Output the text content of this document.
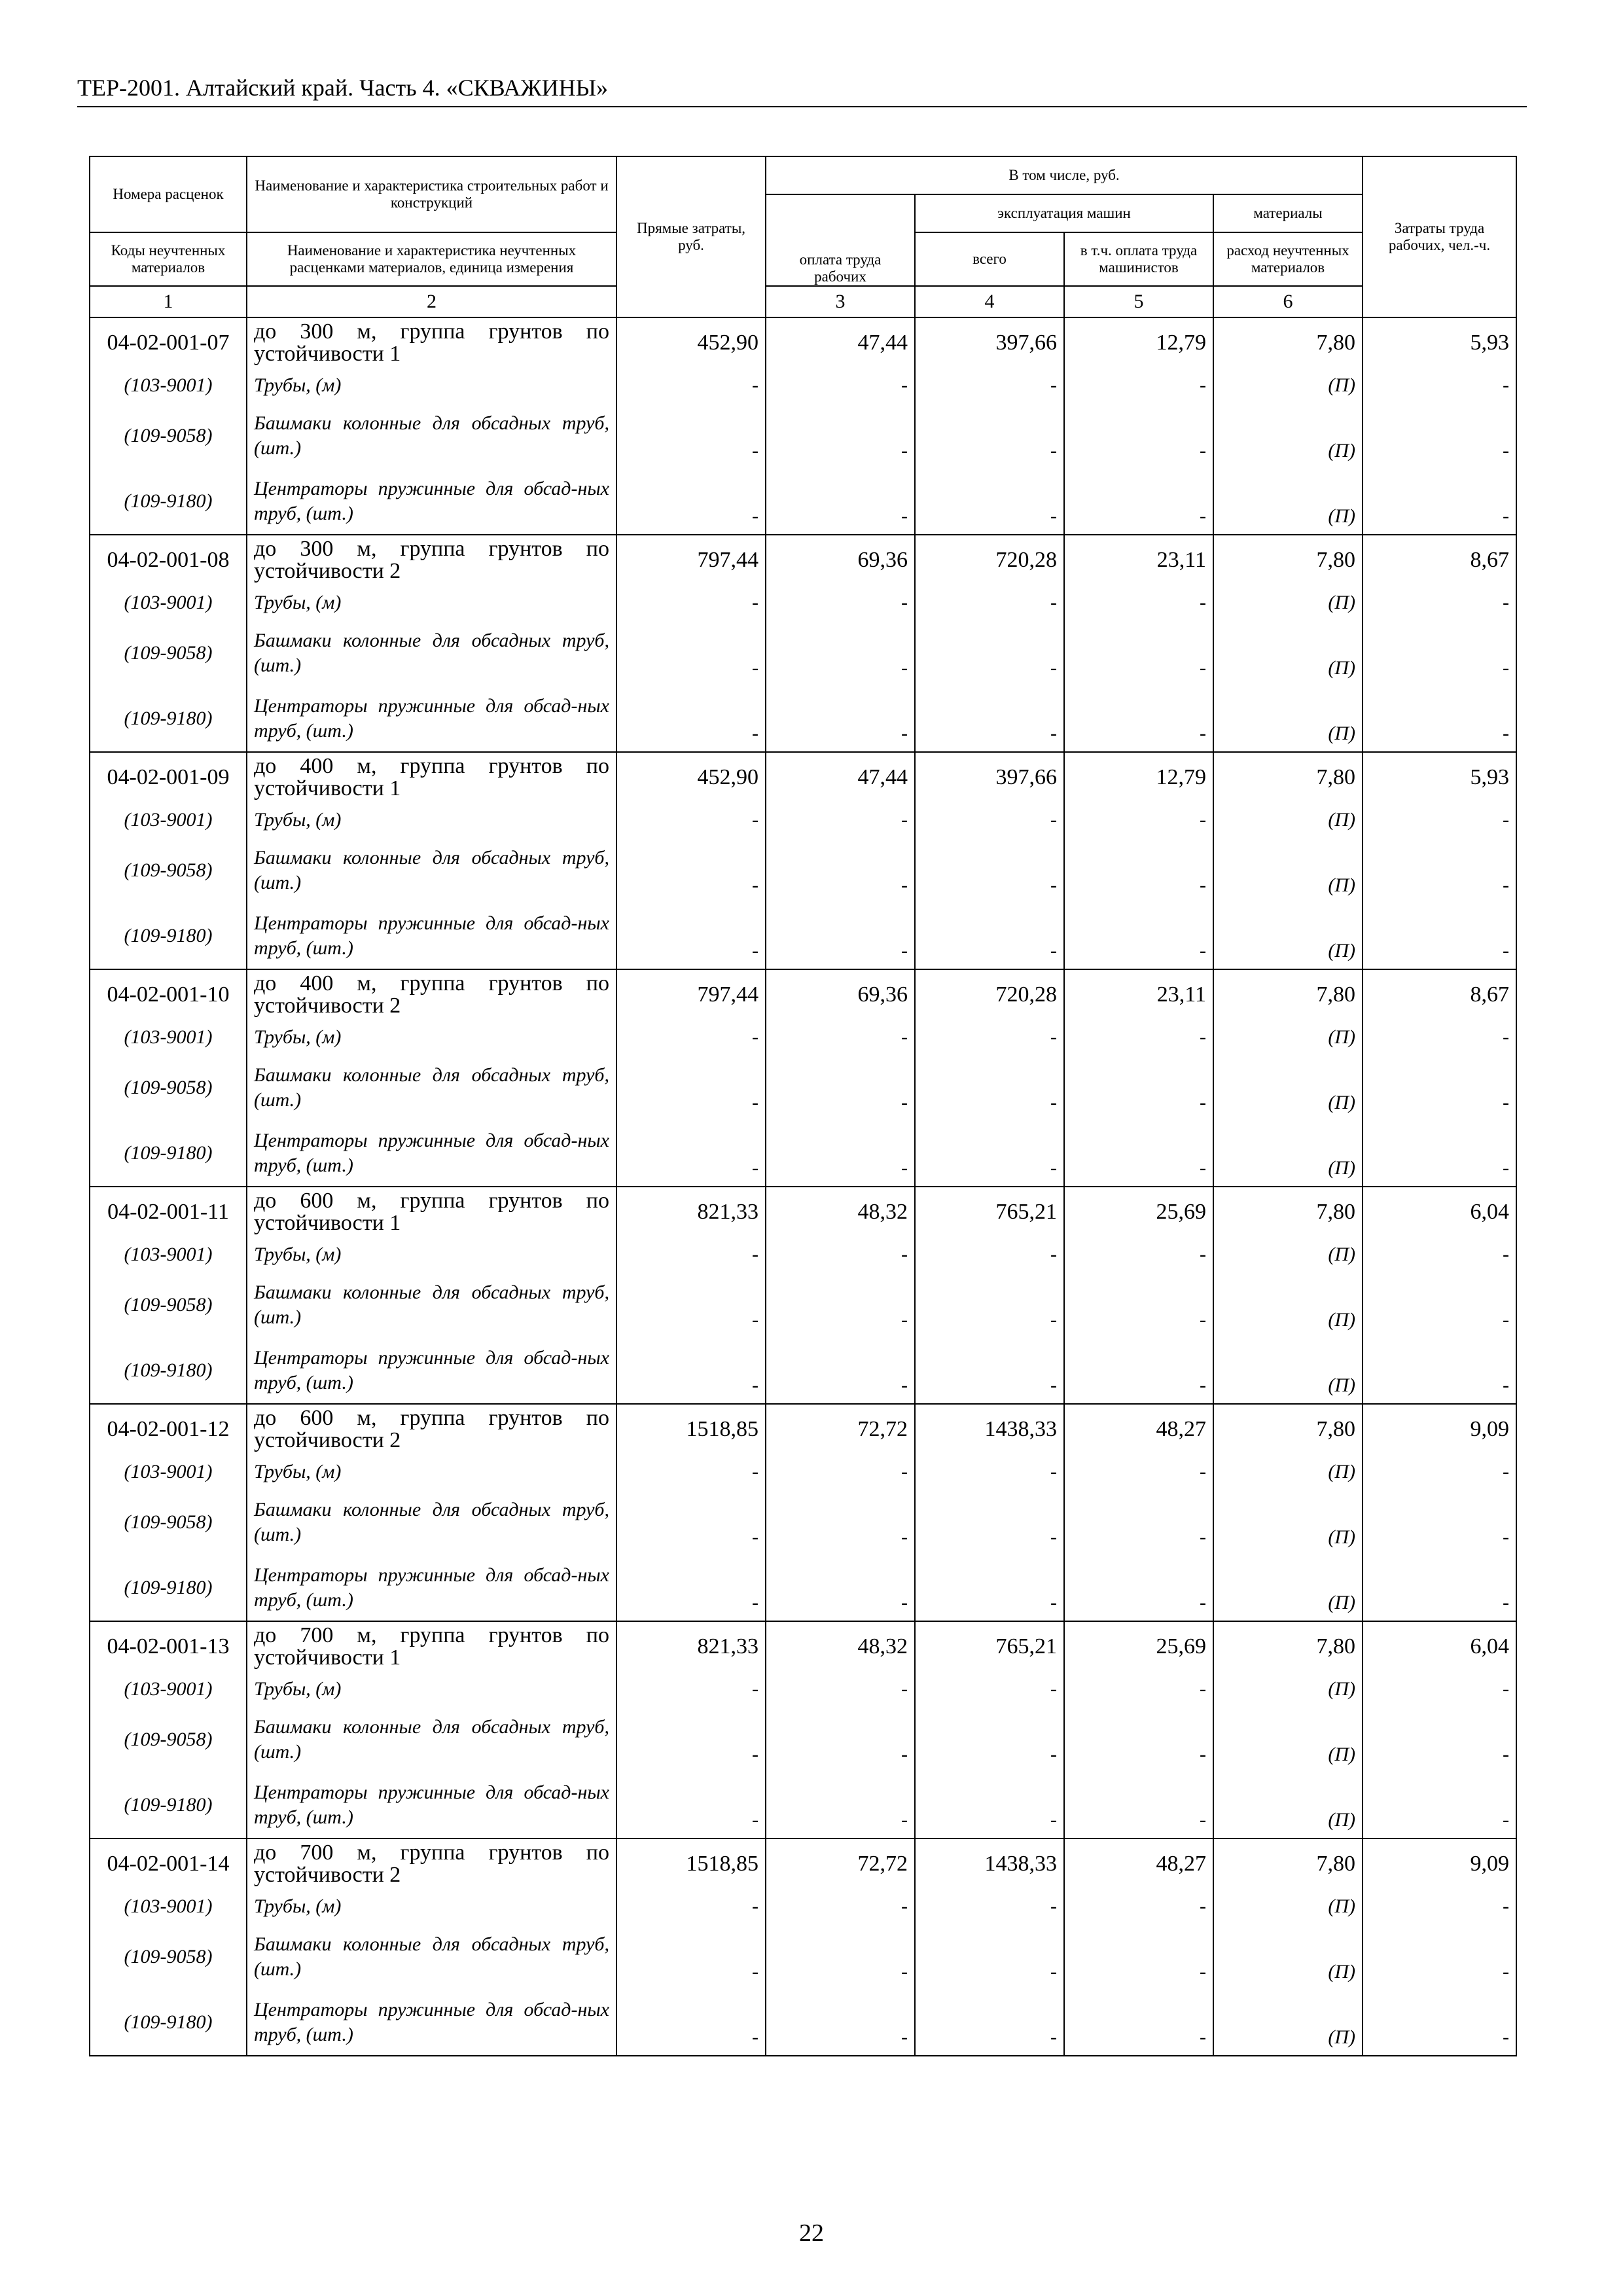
ТЕР-2001. Алтайский край. Часть 4. «СКВАЖИНЫ»
Номера расценок	Наименование и характеристика строительных работ и конструкций	Прямые затраты, руб.	В том числе, руб.				Затраты труда рабочих, чел.-ч.	
			оплата труда рабочих	эксплуатация машин		материалы		
Коды неучтенных материалов	Наименование и характеристика неучтенных расценками материалов, единица измерения			всего	в т.ч. оплата труда машинистов	расход неучтенных материалов		
1	2		3	4	5	6		
04-02-001-07	до 300 м, группа грунтов по устойчивости 1	452,90	47,44	397,66	12,79	7,80	5,93	
(103-9001)	Трубы, (м)	-	-	-	-	(П)	-	
(109-9058)	Башмаки колонные для обсадных труб, (шт.)	-	-	-	-	(П)	-	
(109-9180)	Центраторы пружинные для обсад-ных труб, (шт.)	-	-	-	-	(П)	-	
04-02-001-08	до 300 м, группа грунтов по устойчивости 2	797,44	69,36	720,28	23,11	7,80	8,67	
(103-9001)	Трубы, (м)	-	-	-	-	(П)	-	
(109-9058)	Башмаки колонные для обсадных труб, (шт.)	-	-	-	-	(П)	-	
(109-9180)	Центраторы пружинные для обсад-ных труб, (шт.)	-	-	-	-	(П)	-	
04-02-001-09	до 400 м, группа грунтов по устойчивости 1	452,90	47,44	397,66	12,79	7,80	5,93	
(103-9001)	Трубы, (м)	-	-	-	-	(П)	-	
(109-9058)	Башмаки колонные для обсадных труб, (шт.)	-	-	-	-	(П)	-	
(109-9180)	Центраторы пружинные для обсад-ных труб, (шт.)	-	-	-	-	(П)	-	
04-02-001-10	до 400 м, группа грунтов по устойчивости 2	797,44	69,36	720,28	23,11	7,80	8,67	
(103-9001)	Трубы, (м)	-	-	-	-	(П)	-	
(109-9058)	Башмаки колонные для обсадных труб, (шт.)	-	-	-	-	(П)	-	
(109-9180)	Центраторы пружинные для обсад-ных труб, (шт.)	-	-	-	-	(П)	-	
04-02-001-11	до 600 м, группа грунтов по устойчивости 1	821,33	48,32	765,21	25,69	7,80	6,04	
(103-9001)	Трубы, (м)	-	-	-	-	(П)	-	
(109-9058)	Башмаки колонные для обсадных труб, (шт.)	-	-	-	-	(П)	-	
(109-9180)	Центраторы пружинные для обсад-ных труб, (шт.)	-	-	-	-	(П)	-	
04-02-001-12	до 600 м, группа грунтов по устойчивости 2	1518,85	72,72	1438,33	48,27	7,80	9,09	
(103-9001)	Трубы, (м)	-	-	-	-	(П)	-	
(109-9058)	Башмаки колонные для обсадных труб, (шт.)	-	-	-	-	(П)	-	
(109-9180)	Центраторы пружинные для обсад-ных труб, (шт.)	-	-	-	-	(П)	-	
04-02-001-13	до 700 м, группа грунтов по устойчивости 1	821,33	48,32	765,21	25,69	7,80	6,04	
(103-9001)	Трубы, (м)	-	-	-	-	(П)	-	
(109-9058)	Башмаки колонные для обсадных труб, (шт.)	-	-	-	-	(П)	-	
(109-9180)	Центраторы пружинные для обсад-ных труб, (шт.)	-	-	-	-	(П)	-	
04-02-001-14	до 700 м, группа грунтов по устойчивости 2	1518,85	72,72	1438,33	48,27	7,80	9,09	
(103-9001)	Трубы, (м)	-	-	-	-	(П)	-	
(109-9058)	Башмаки колонные для обсадных труб, (шт.)	-	-	-	-	(П)	-	
(109-9180)	Центраторы пружинные для обсад-ных труб, (шт.)	-	-	-	-	(П)	-	
22
